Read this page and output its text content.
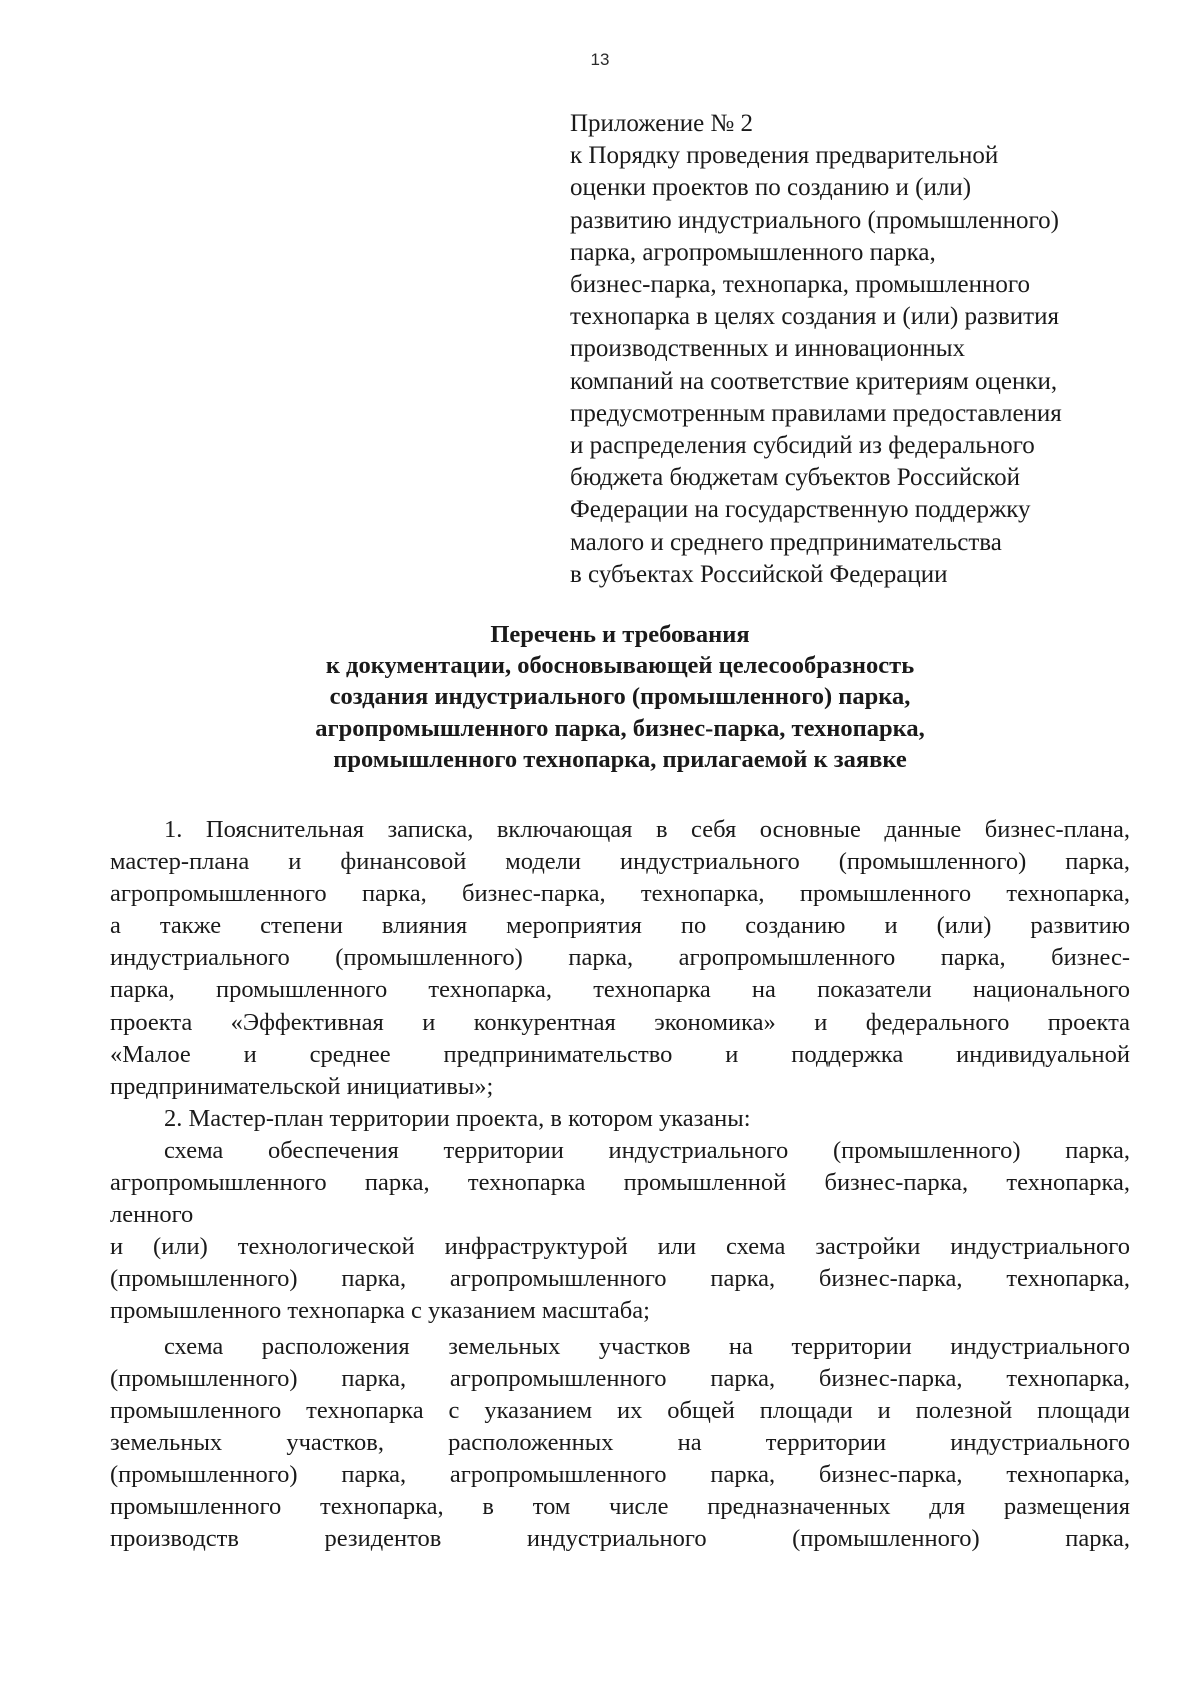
13
Приложение № 2
к Порядку проведения предварительной
оценки проектов по созданию и (или)
развитию индустриального (промышленного)
парка, агропромышленного парка,
бизнес-парка, технопарка, промышленного
технопарка в целях создания и (или) развития
производственных и инновационных
компаний на соответствие критериям оценки,
предусмотренным правилами предоставления
и распределения субсидий из федерального
бюджета бюджетам субъектов Российской
Федерации на государственную поддержку
малого и среднего предпринимательства
в субъектах Российской Федерации
Перечень и требования
к документации, обосновывающей целесообразность
создания индустриального (промышленного) парка,
агропромышленного парка, бизнес-парка, технопарка,
промышленного технопарка, прилагаемой к заявке
1. Пояснительная записка, включающая в себя основные данные бизнес-плана,
мастер-плана и финансовой модели индустриального (промышленного) парка,
агропромышленного парка, бизнес-парка, технопарка, промышленного технопарка,
а также степени влияния мероприятия по созданию и (или) развитию
индустриального (промышленного) парка, агропромышленного парка, бизнес-
парка, промышленного технопарка, технопарка на показатели национального
проекта «Эффективная и конкурентная экономика» и федерального проекта
«Малое и среднее предпринимательство и поддержка индивидуальной
предпринимательской инициативы»;
2. Мастер-план территории проекта, в котором указаны:
схема обеспечения территории индустриального (промышленного) парка,
агропромышленного парка, технопарка промышленной бизнес-парка, технопарка,
ленного
и (или) технологической инфраструктурой или схема застройки индустриального
(промышленного) парка, агропромышленного парка, бизнес-парка, технопарка,
промышленного технопарка с указанием масштаба;
схема расположения земельных участков на территории индустриального
(промышленного) парка, агропромышленного парка, бизнес-парка, технопарка,
промышленного технопарка с указанием их общей площади и полезной площади
земельных участков, расположенных на территории индустриального
(промышленного) парка, агропромышленного парка, бизнес-парка, технопарка,
промышленного технопарка, в том числе предназначенных для размещения
производств резидентов индустриального (промышленного) парка,
